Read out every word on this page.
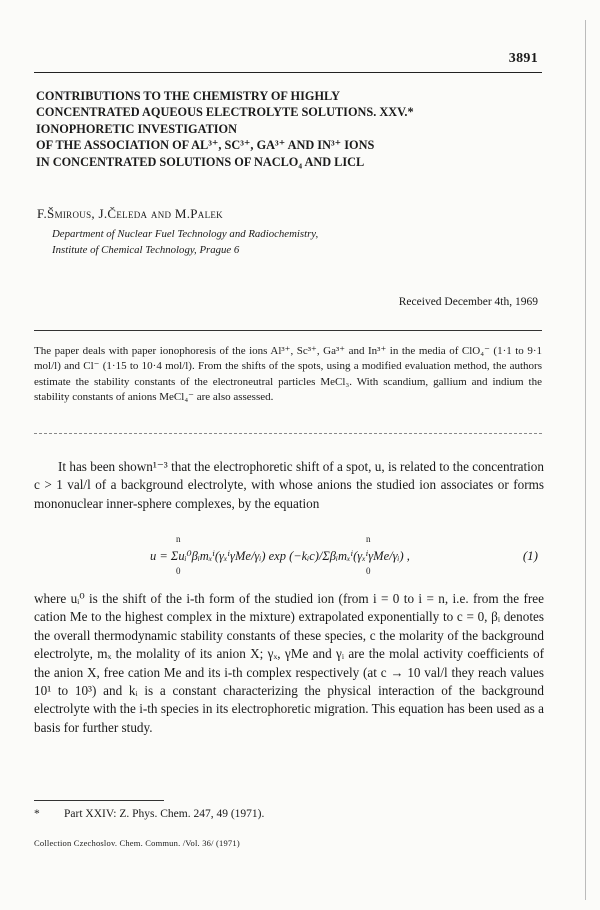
3891
CONTRIBUTIONS TO THE CHEMISTRY OF HIGHLY
CONCENTRATED AQUEOUS ELECTROLYTE SOLUTIONS. XXV.*
IONOPHORETIC INVESTIGATION
OF THE ASSOCIATION OF AL³⁺, SC³⁺, GA³⁺ AND IN³⁺ IONS
IN CONCENTRATED SOLUTIONS OF NACLO₄ AND LICL
F.Šmirous, J.Čeleda and M.Palek
Department of Nuclear Fuel Technology and Radiochemistry,
Institute of Chemical Technology, Prague 6
Received December 4th, 1969
The paper deals with paper ionophoresis of the ions Al³⁺, Sc³⁺, Ga³⁺ and In³⁺ in the media of ClO₄⁻ (1·1 to 9·1 mol/l) and Cl⁻ (1·15 to 10·4 mol/l). From the shifts of the spots, using a modified evaluation method, the authors estimate the stability constants of the electroneutral particles MeCl₃. With scandium, gallium and indium the stability constants of anions MeCl₄⁻ are also assessed.
It has been shown¹⁻³ that the electrophoretic shift of a spot, u, is related to the concentration c > 1 val/l of a background electrolyte, with whose anions the studied ion associates or forms mononuclear inner-sphere complexes, by the equation
n	n
u = Σuᵢ⁰βᵢmₓⁱ(γₓⁱγMe/γᵢ) exp (−kᵢc)/Σβᵢmₓⁱ(γₓⁱγMe/γᵢ) ,
0	0
(1)
where uᵢ⁰ is the shift of the i-th form of the studied ion (from i = 0 to i = n, i.e. from the free cation Me to the highest complex in the mixture) extrapolated exponentially to c = 0, βᵢ denotes the overall thermodynamic stability constants of these species, c the molarity of the background electrolyte, mₓ the molality of its anion X; γₓ, γMe and γᵢ are the molal activity coefficients of the anion X, free cation Me and its i-th complex respectively (at c → 10 val/l they reach values 10¹ to 10³) and kᵢ is a constant characterizing the physical interaction of the background electrolyte with the i-th species in its electrophoretic migration. This equation has been used as a basis for further study.
* Part XXIV: Z. Phys. Chem. 247, 49 (1971).
Collection Czechoslov. Chem. Commun. /Vol. 36/ (1971)
